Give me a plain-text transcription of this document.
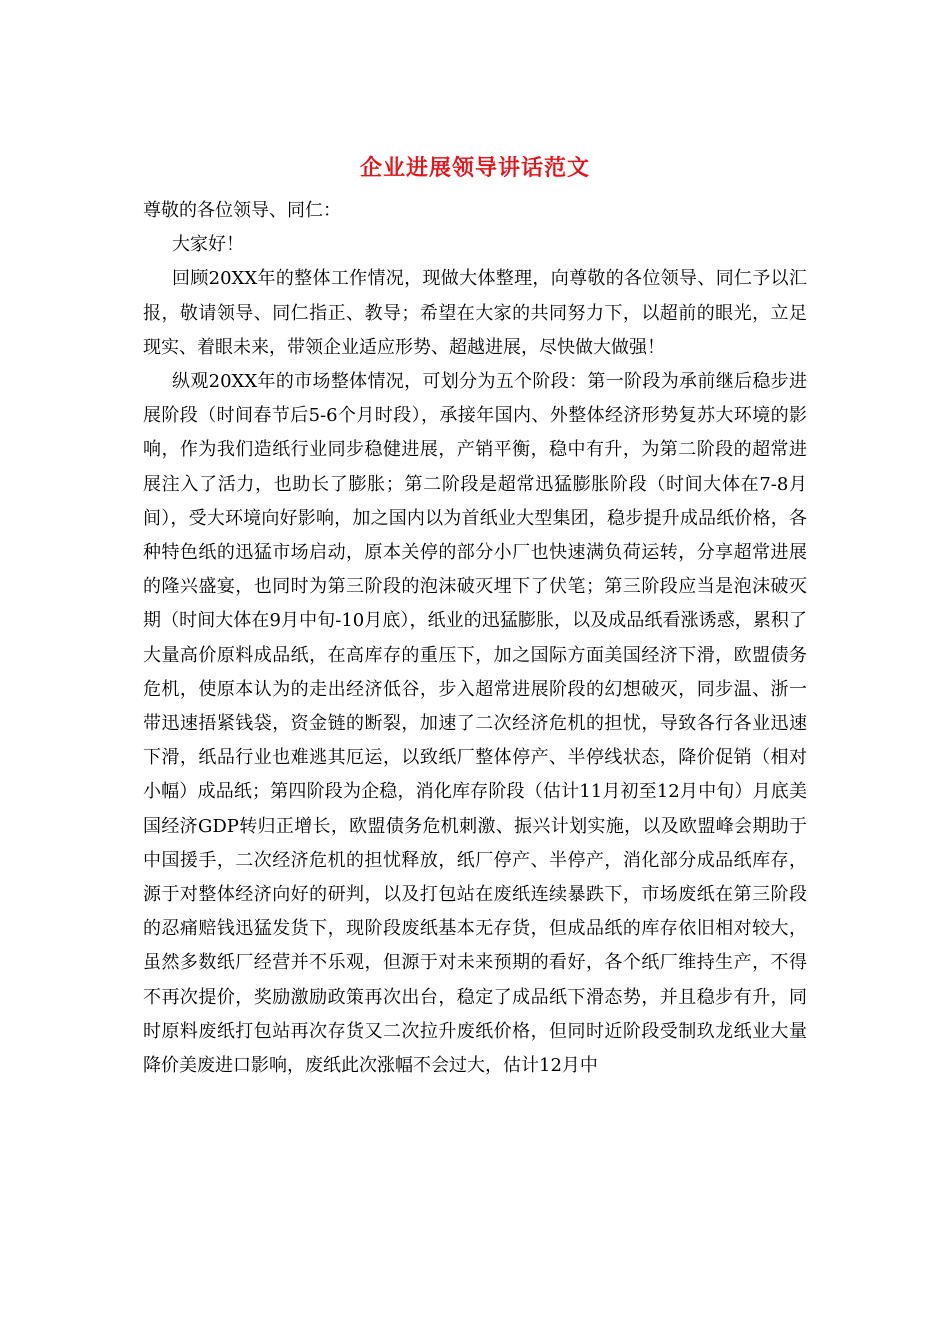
企业进展领导讲话范文

尊敬的各位领导、同仁：

大家好！

回顾20XX年的整体工作情况，现做大体整理，向尊敬的各位领导、同仁予以汇报，敬请领导、同仁指正、教导；希望在大家的共同努力下，以超前的眼光，立足现实、着眼未来，带领企业适应形势、超越进展，尽快做大做强！

纵观20XX年的市场整体情况，可划分为五个阶段：第一阶段为承前继后稳步进展阶段（时间春节后5-6个月时段），承接年国内、外整体经济形势复苏大环境的影响，作为我们造纸行业同步稳健进展，产销平衡，稳中有升，为第二阶段的超常进展注入了活力，也助长了膨胀；第二阶段是超常迅猛膨胀阶段（时间大体在7-8月间），受大环境向好影响，加之国内以为首纸业大型集团，稳步提升成品纸价格，各种特色纸的迅猛市场启动，原本关停的部分小厂也快速满负荷运转，分享超常进展的隆兴盛宴，也同时为第三阶段的泡沫破灭埋下了伏笔；第三阶段应当是泡沫破灭期（时间大体在9月中旬-10月底），纸业的迅猛膨胀，以及成品纸看涨诱惑，累积了大量高价原料成品纸，在高库存的重压下，加之国际方面美国经济下滑，欧盟债务危机，使原本认为的走出经济低谷，步入超常进展阶段的幻想破灭，同步温、浙一带迅速捂紧钱袋，资金链的断裂，加速了二次经济危机的担忧，导致各行各业迅速下滑，纸品行业也难逃其厄运，以致纸厂整体停产、半停线状态，降价促销（相对小幅）成品纸；第四阶段为企稳，消化库存阶段（估计11月初至12月中旬）月底美国经济GDP转归正增长，欧盟债务危机刺激、振兴计划实施，以及欧盟峰会期助于中国援手，二次经济危机的担忧释放，纸厂停产、半停产，消化部分成品纸库存，源于对整体经济向好的研判，以及打包站在废纸连续暴跌下，市场废纸在第三阶段的忍痛赔钱迅猛发货下，现阶段废纸基本无存货，但成品纸的库存依旧相对较大，虽然多数纸厂经营并不乐观，但源于对未来预期的看好，各个纸厂维持生产，不得不再次提价，奖励激励政策再次出台，稳定了成品纸下滑态势，并且稳步有升，同时原料废纸打包站再次存货又二次拉升废纸价格，但同时近阶段受制玖龙纸业大量降价美废进口影响，废纸此次涨幅不会过大，估计12月中
